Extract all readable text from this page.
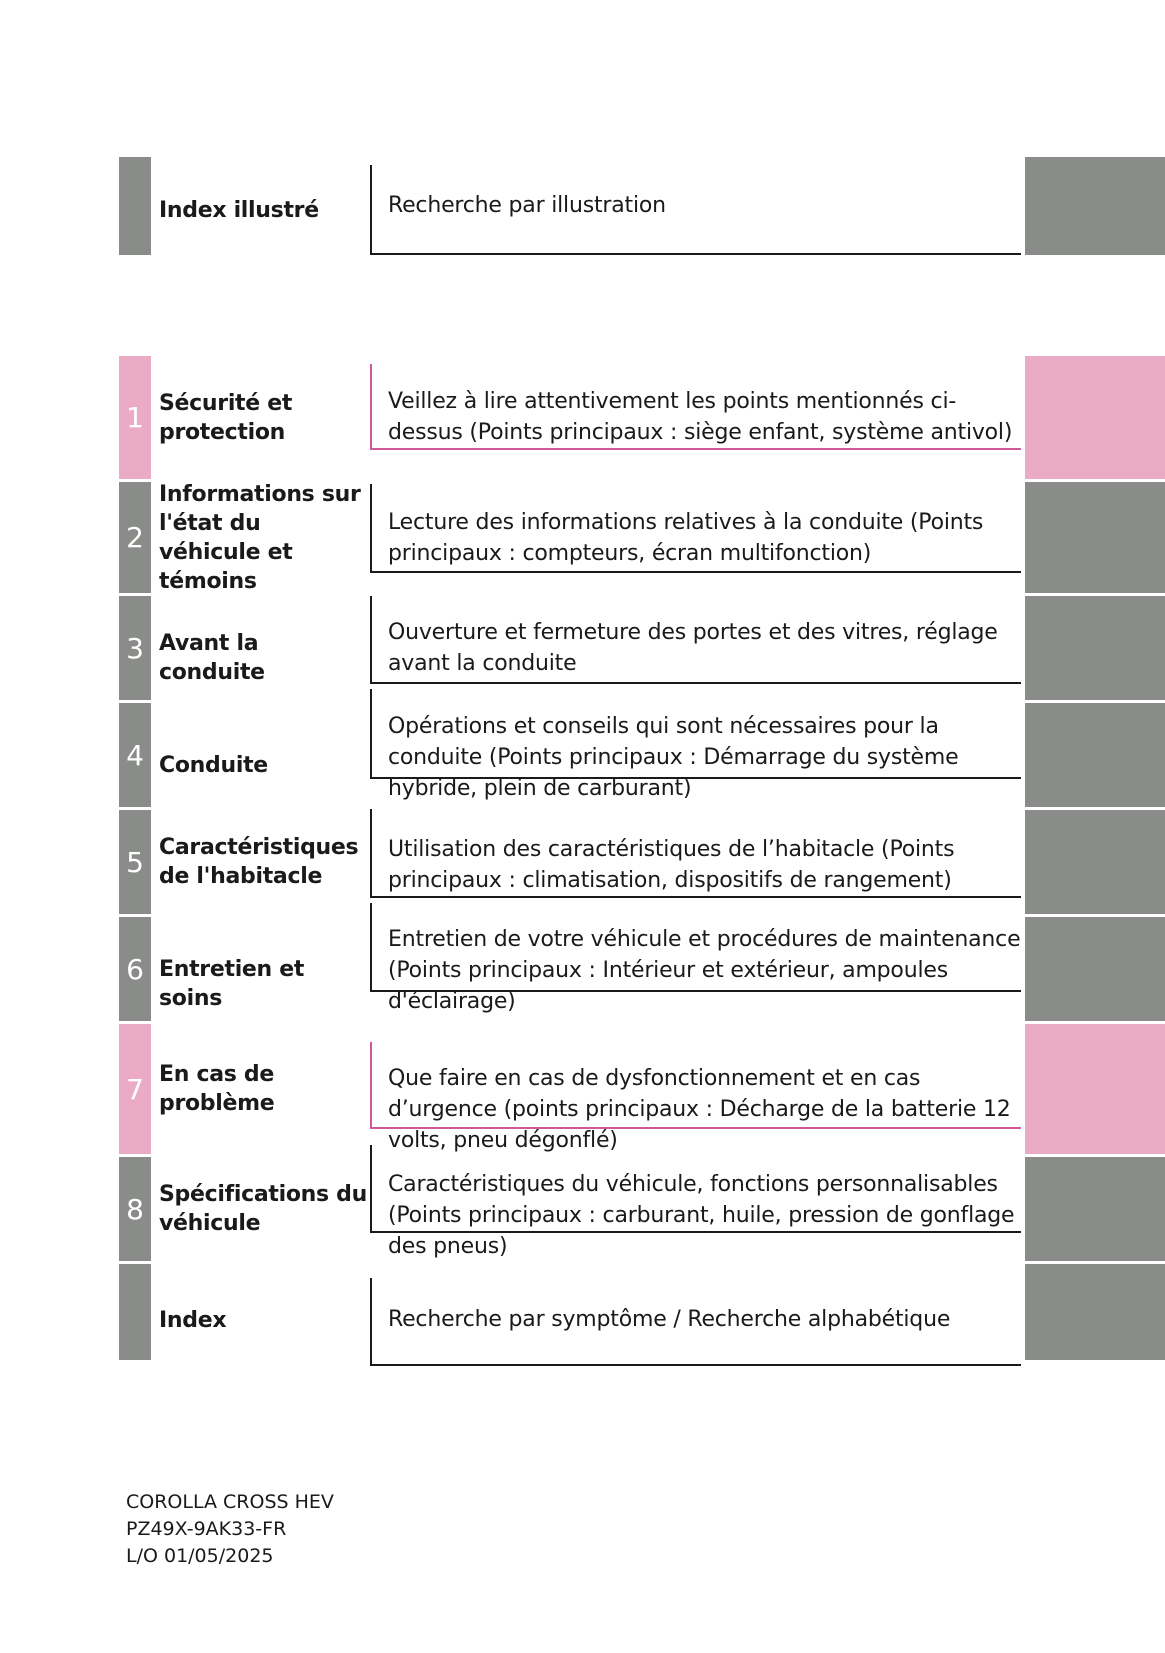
Index illustré	Recherche par illustration
1 Sécurité et protection
Veillez à lire attentivement les points mentionnés ci-dessus (Points principaux : siège enfant, système antivol)
2
Informations sur l'état du véhicule et témoins
Lecture des informations relatives à la conduite (Points principaux : compteurs, écran multifonction)
3 Avant la conduite
Ouverture et fermeture des portes et des vitres, réglage avant la conduite
4 Conduite
Opérations et conseils qui sont nécessaires pour la conduite (Points principaux : Démarrage du système hybride, plein de carburant)
5 Caractéristiques de l'habitacle
Utilisation des caractéristiques de l’habitacle (Points principaux : climatisation, dispositifs de rangement)
6 Entretien et soins
Entretien de votre véhicule et procédures de maintenance (Points principaux : Intérieur et extérieur, ampoules d'éclairage)
7 En cas de problème
Que faire en cas de dysfonctionnement et en cas d’urgence (points principaux : Décharge de la batterie 12 volts, pneu dégonflé)
8 Spécifications du véhicule
Caractéristiques du véhicule, fonctions personnalisables (Points principaux : carburant, huile, pression de gonflage des pneus)
Index	Recherche par symptôme / Recherche alphabétique
COROLLA CROSS HEV
PZ49X-9AK33-FR
L/O 01/05/2025
